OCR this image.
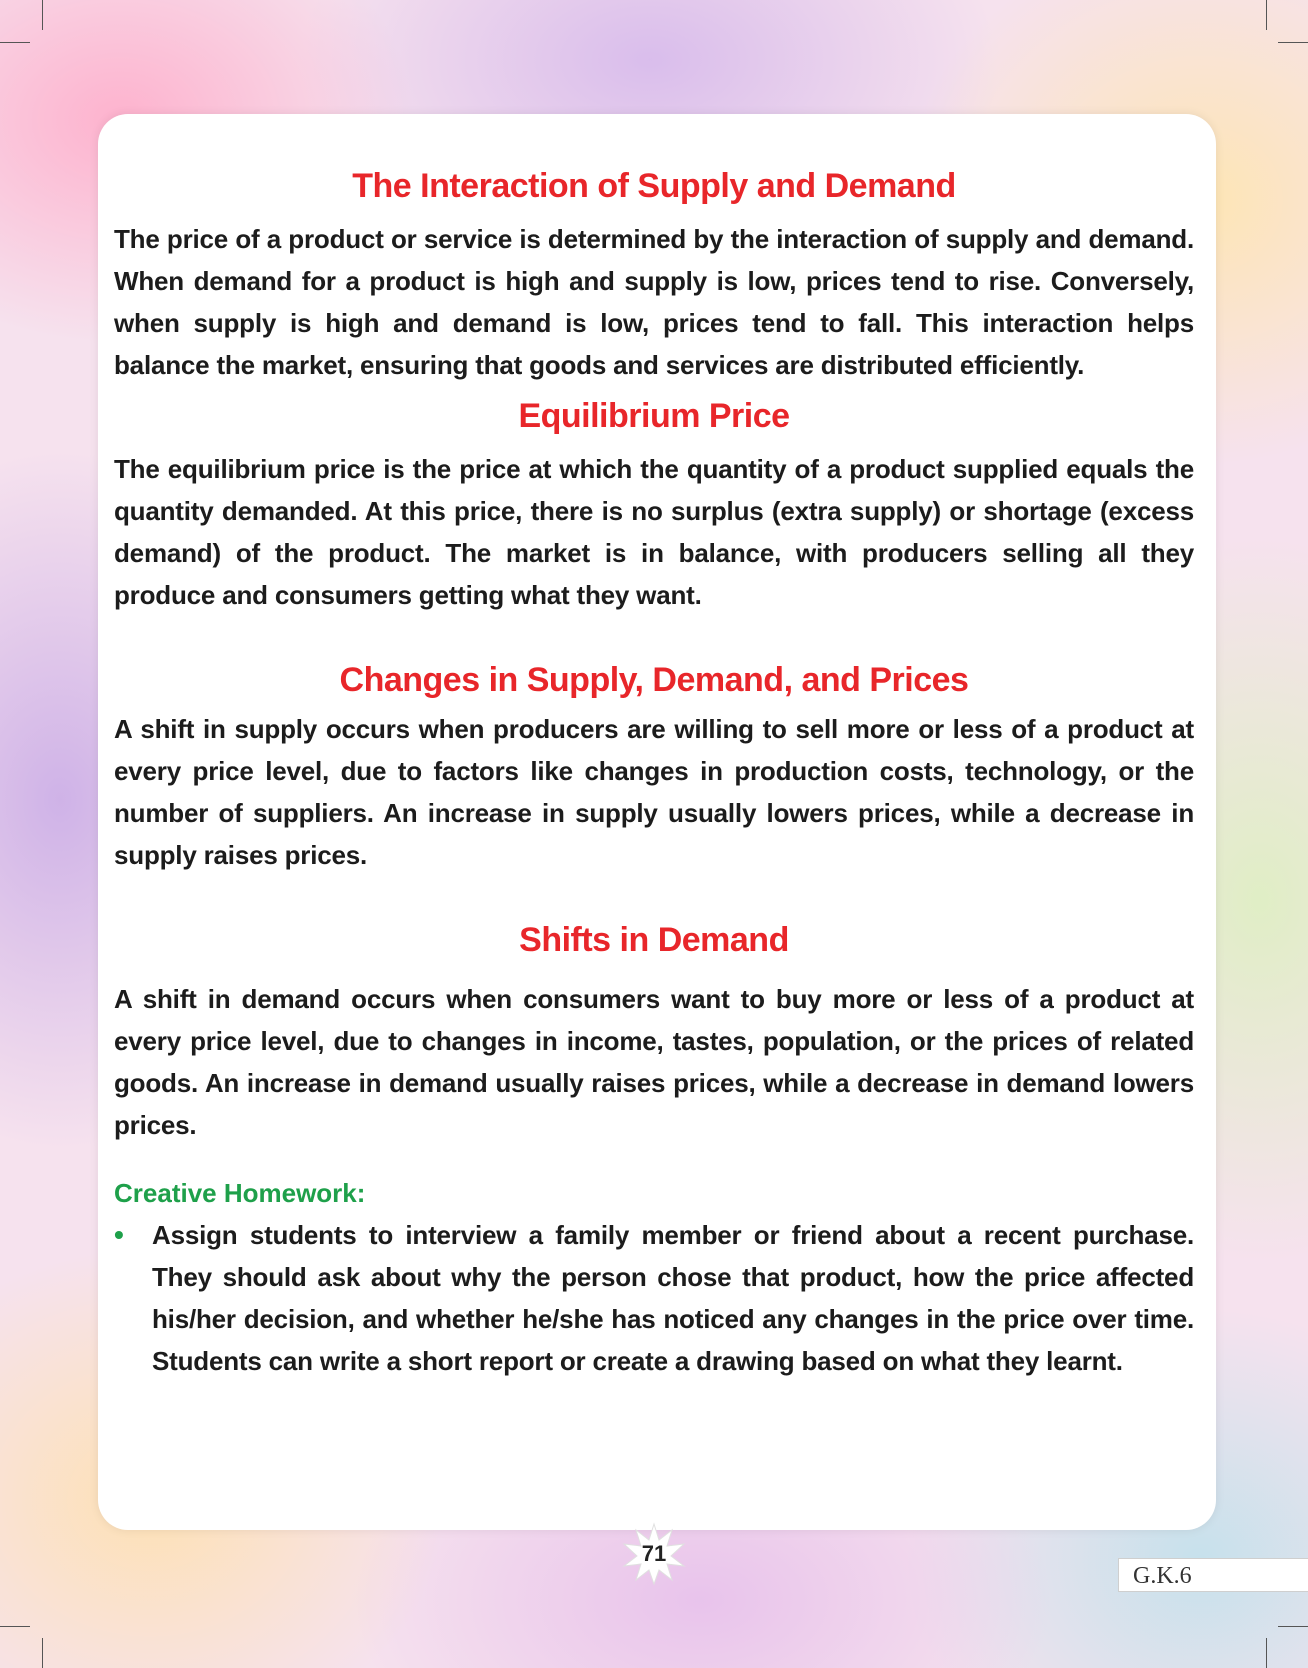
The Interaction of Supply and Demand

The price of a product or service is determined by the interaction of supply and demand. When demand for a product is high and supply is low, prices tend to rise. Conversely, when supply is high and demand is low, prices tend to fall. This interaction helps balance the market, ensuring that goods and services are distributed efficiently.

Equilibrium Price

The equilibrium price is the price at which the quantity of a product supplied equals the quantity demanded. At this price, there is no surplus (extra supply) or shortage (excess demand) of the product. The market is in balance, with producers selling all they produce and consumers getting what they want.

Changes in Supply, Demand, and Prices

A shift in supply occurs when producers are willing to sell more or less of a product at every price level, due to factors like changes in production costs, technology, or the number of suppliers. An increase in supply usually lowers prices, while a decrease in supply raises prices.

Shifts in Demand

A shift in demand occurs when consumers want to buy more or less of a product at every price level, due to changes in income, tastes, population, or the prices of related goods. An increase in demand usually raises prices, while a decrease in demand lowers prices.

Creative Homework:
•	Assign students to interview a family member or friend about a recent purchase. They should ask about why the person chose that product, how the price affected his/her decision, and whether he/she has noticed any changes in the price over time. Students can write a short report or create a drawing based on what they learnt.

71
G.K.6
